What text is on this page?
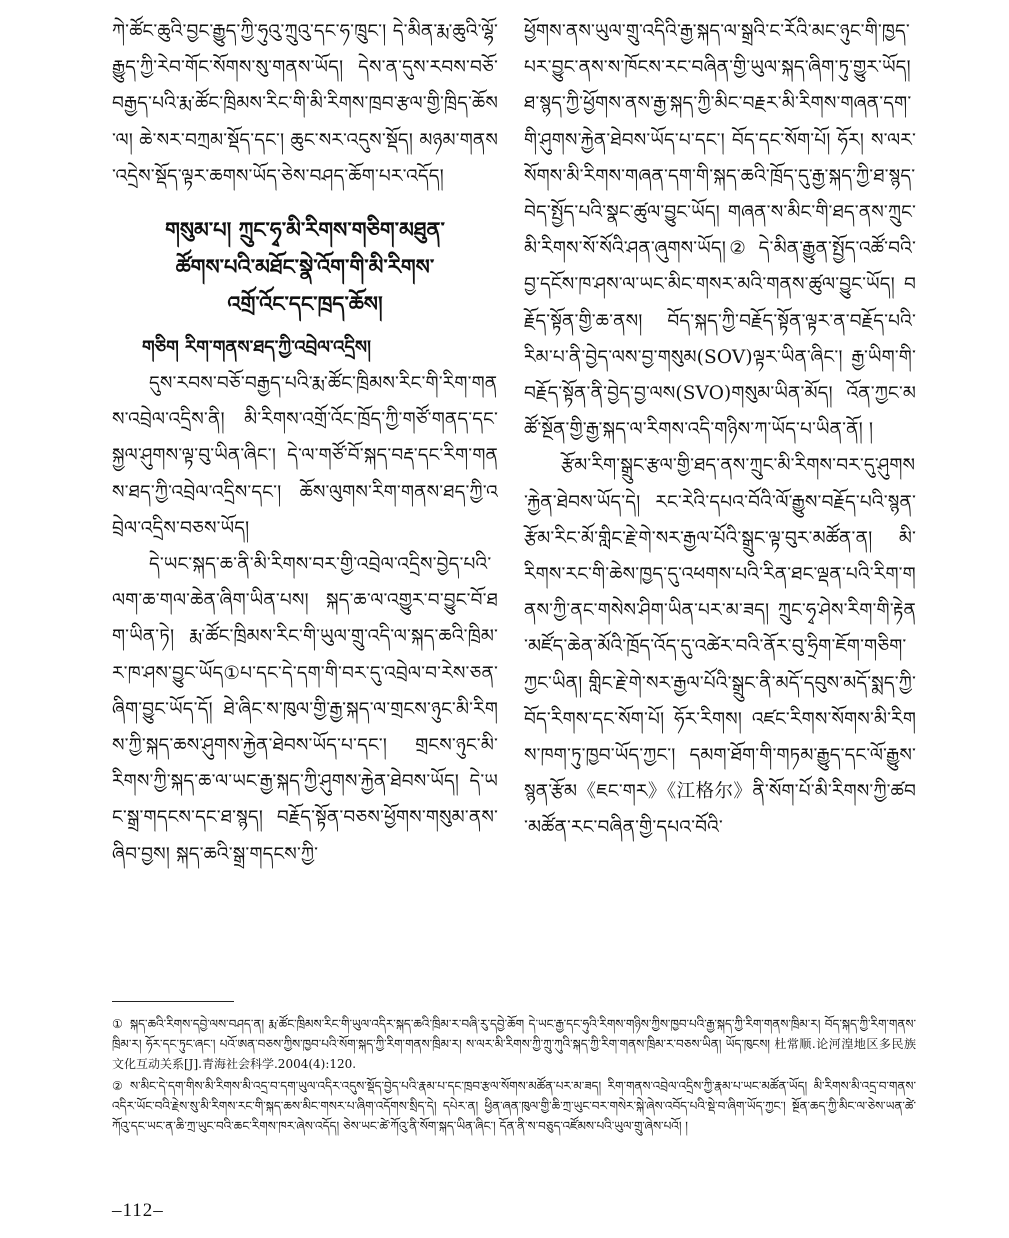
ཀེ་ཚོང་ཆུའི་བྱང་རྒྱུད་ཀྱི་ཧུའུ་ཀྲུའུ་དང་ཧ་ཁྲུང་། དེ་མིན་རྨ་ཆུའི་ལྷོ་རྒྱུད་ཀྱི་རེབ་གོང་སོགས་སུ་གནས་ཡོད། དེས་ན་དུས་རབས་བཅོ་བརྒྱད་པའི་རྨ་ཚོང་ཁྲིམས་རིང་གི་མི་རིགས་ཁྲབ་རྩལ་གྱི་ཁྲིད་ཆོས་ལ། ཆེ་སར་བཀྲམ་སྡོད་དང་། ཆུང་སར་འདུས་སྡོད། མཉམ་གནས་འདྲེས་སྡོད་ལྟར་ཆགས་ཡོད་ཅེས་བཤད་ཆོག་པར་འདོད།

གསུམ་པ། ཀྲུང་ཧྭ་མི་རིགས་གཅིག་མཐུན་
ཚོགས་པའི་མཐོང་སྣེ་འོག་གི་མི་རིགས་
འགྲོ་འོང་དང་ཁྲད་ཆོས།

གཅིག རིག་གནས་ཐད་ཀྱི་འབྲེལ་འདྲིས།

དུས་རབས་བཅོ་བརྒྱད་པའི་རྨ་ཚོང་ཁྲིམས་རིང་གི་རིག་གནས་འབྲེལ་འདྲིས་ནི། མི་རིགས་འགྲོ་འོང་ཁྲོད་ཀྱི་གཙོ་གནད་དང་སྐྱལ་ཤུགས་ལྟ་བུ་ཡིན་ཞིང་། དེ་ལ་གཙོ་བོ་སྐད་བརྡ་དང་རིག་གནས་ཐད་ཀྱི་འབྲེལ་འདྲིས་དང་། ཆོས་ལུགས་རིག་གནས་ཐད་ཀྱི་འབྲེལ་འདྲིས་བཅས་ཡོད།

དེ་ཡང་སྐད་ཆ་ནི་མི་རིགས་བར་གྱི་འབྲེལ་འདྲིས་བྱེད་པའི་ལག་ཆ་གལ་ཆེན་ཞིག་ཡིན་པས། སྐད་ཆ་ལ་འགྱུར་བ་བྱུང་བོ་ཐག་ཡིན་ཏེ། རྨ་ཚོང་ཁྲིམས་རིང་གི་ཡུལ་གྲུ་འདི་ལ་སྐད་ཆའི་ཁྲིམ་ར་ཁ་ཤས་བྱུང་ཡོད①པ་དང་དེ་དག་གི་བར་དུ་འབྲེལ་བ་རེས་ཅན་ཞིག་བྱུང་ཡོད་དོ། ཐེ་ཞིང་ས་ཁུལ་གྱི་རྒྱ་སྐད་ལ་གྲངས་ཉུང་མི་རིགས་ཀྱི་སྐད་ཆས་ཤུགས་རྐྱེན་ཐེབས་ཡོད་པ་དང་། གྲངས་ཉུང་མི་རིགས་ཀྱི་སྐད་ཆ་ལ་ཡང་རྒྱ་སྐད་ཀྱི་ཤུགས་རྐྱེན་ཐེབས་ཡོད། དེ་ཡང་སྒྲ་གདངས་དང་ཐ་སྙད། བརྗོད་སྟོན་བཅས་ཕྱོགས་གསུམ་ནས་ཞིབ་བྱས། སྐད་ཆའི་སྒྲ་གདངས་ཀྱི་

ཕྱོགས་ནས་ཡུལ་གྲུ་འདིའི་རྒྱ་སྐད་ལ་སྒྲའི་ང་རོའི་མང་ཉུང་གི་ཁྱད་པར་བྱུང་ནས་ས་ཁོངས་རང་བཞིན་གྱི་ཡུལ་སྐད་ཞིག་ཏུ་གྱུར་ཡོད། ཐ་སྙད་ཀྱི་ཕྱོགས་ནས་རྒྱ་སྐད་ཀྱི་མིང་བརྗར་མི་རིགས་གཞན་དག་གི་ཤུགས་རྐྱེན་ཐེབས་ཡོད་པ་དང་། བོད་དང་སོག་པོ། ཧོར། ས་ལར་སོགས་མི་རིགས་གཞན་དག་གི་སྐད་ཆའི་ཁྲོད་དུ་རྒྱ་སྐད་ཀྱི་ཐ་སྙད་བེད་སྤྱོད་པའི་སྣང་ཚུལ་བྱུང་ཡོད། གཞན་ས་མིང་གི་ཐད་ནས་ཀྲུང་མི་རིགས་སོ་སོའི་ཤན་ཞུགས་ཡོད།② དེ་མིན་རྒྱུན་སྤྱོད་འཚོ་བའི་བྱ་དངོས་ཁ་ཤས་ལ་ཡང་མིང་གསར་མའི་གནས་ཚུལ་བྱུང་ཡོད། བརྗོད་སྟོན་གྱི་ཆ་ནས། བོད་སྐད་ཀྱི་བརྗོད་སྟོན་ལྟར་ན་བརྗོད་པའི་རིམ་པ་ནི་བྱེད་ལས་བྱ་གསུམ(SOV)ལྟར་ཡིན་ཞིང་། རྒྱ་ཡིག་གི་བརྗོད་སྟོན་ནི་བྱེད་བྱ་ལས(SVO)གསུམ་ཡིན་མོད། འོན་ཀྱང་མཚོ་སྔོན་གྱི་རྒྱ་སྐད་ལ་རིགས་འདི་གཉིས་ཀ་ཡོད་པ་ཡིན་ནོ། །

རྩོམ་རིག་སྒྲུང་རྩལ་གྱི་ཐད་ནས་ཀྲུང་མི་རིགས་བར་དུ་ཤུགས་རྐྱེན་ཐེབས་ཡོད་དེ། རང་རེའི་དཔའ་བོའི་ལོ་རྒྱུས་བརྗོད་པའི་སྙན་རྩོམ་རིང་མོ་གླིང་རྗེ་གེ་སར་རྒྱལ་པོའི་སྒྲུང་ལྟ་བུར་མཚོན་ན། མི་རིགས་རང་གི་ཆེས་ཁྱད་དུ་འཕགས་པའི་རིན་ཐང་ལྡན་པའི་རིག་གནས་ཀྱི་ནང་གསེས་ཤིག་ཡིན་པར་མ་ཟད། ཀྲུང་ཧྭ་ཤེས་རིག་གི་རྟེན་མཛོད་ཆེན་མོའི་ཁྲོད་འོད་དུ་འཚེར་བའི་ནོར་བུ་ཧྲིག་ཇོག་གཅིག་ཀྱང་ཡིན། གླིང་རྗེ་གེ་སར་རྒྱལ་པོའི་སྒྲུང་ནི་མདོ་དབུས་མདོ་སྨད་ཀྱི་བོད་རིགས་དང་སོག་པོ། ཧོར་རིགས། འཛང་རིགས་སོགས་མི་རིགས་ཁག་ཏུ་ཁྱབ་ཡོད་ཀྱང་། དམག་ཐོག་གི་གཏམ་རྒྱུད་དང་ལོ་རྒྱུས་སྙན་རྩོམ《ཇང་གར》《江格尔》ནི་སོག་པོ་མི་རིགས་ཀྱི་ཚབ་མཚོན་རང་བཞིན་གྱི་དཔའ་བོའི་

① སྐད་ཆའི་རིགས་དབྱེ་ལས་བཤད་ན། རྨ་ཚོང་ཁྲིམས་རིང་གི་ཡུལ་འདིར་སྐད་ཆའི་ཁྲིམ་ར་བཞི་རུ་དབྱེ་ཆོག དེ་ཡང་རྒྱ་དང་ཧུའི་རིགས་གཉིས་ཀྱིས་ཁྱབ་པའི་རྒྱ་སྐད་ཀྱི་རིག་གནས་ཁྲིམ་ར། བོད་སྐད་ཀྱི་རིག་གནས་ཁྲིམ་ར། ཧོར་དང་ཏུང་ཞང་། པའོ་ཨན་བཅས་ཀྱིས་ཁྱབ་པའི་སོག་སྐད་ཀྱི་རིག་གནས་ཁྲིམ་ར། ས་ལར་མི་རིགས་ཀྱི་ཀྲུ་ཀུའི་སྐད་ཀྱི་རིག་གནས་ཁྲིམ་ར་བཅས་ཡིན། ཡོད་ཁུངས། 杜常顺.论河湟地区多民族文化互动关系[J].青海社会科学.2004(4):120.

② ས་མིང་དེ་དག་གིས་མི་རིགས་མི་འདྲ་བ་དག་ཡུལ་འདིར་འདུས་སྡོད་བྱེད་པའི་རྣམ་པ་དང་ཁྲབ་རྩལ་སོགས་མཚོན་པར་མ་ཟད། རིག་གནས་འབྲེལ་འདྲིས་ཀྱི་རྣམ་པ་ཡང་མཚོན་ཡོད། མི་རིགས་མི་འདྲ་བ་གནས་འདིར་ཡོང་བའི་རྗེས་སུ་མི་རིགས་རང་གི་སྐད་ཆས་མིང་གསར་པ་ཞིག་འདོགས་སྲིད་དེ། དཔེར་ན། ཕྱིན་ཞན་ཁུལ་གྱི་ཆི་ཀྲ་ཡུང་བར་གསེར་སྐེ་ཞེས་འབོད་པའི་སྡེ་བ་ཞིག་ཡོད་ཀྱང་། སྔོན་ཆད་ཀྱི་མིང་ལ་ཅེས་ཡན་ཚེ་ཀོའུ་དང་ཡང་ན་ཆི་ཀྲ་ཡུང་བའི་ཆང་རིགས་ཁར་ཞེས་འདོད། ཅེས་ཡང་ཚེ་ཀོའུ་ནི་སོག་སྐད་ཡིན་ཞིང་། དོན་ནི་ས་བཅུད་འཛོམས་པའི་ཡུལ་གྲུ་ཞེས་པའོ། །

–112–
